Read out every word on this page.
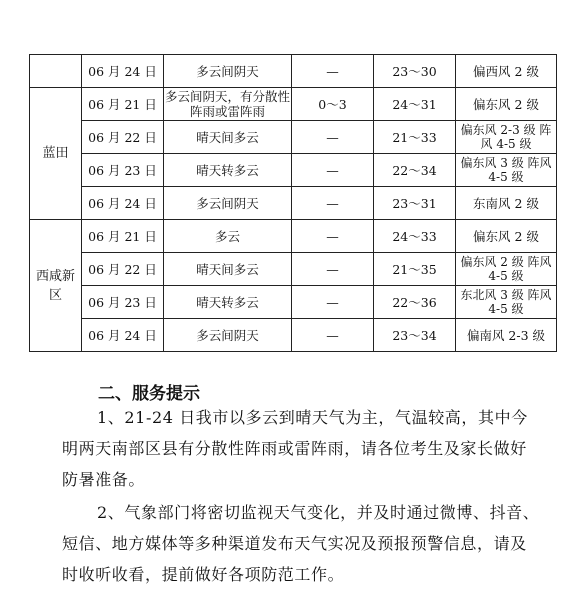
	06 月 24 日	多云间阴天	—	23～30	偏西风 2 级
蓝田	06 月 21 日	多云间阴天，有分散性阵雨或雷阵雨	0～3	24～31	偏东风 2 级
	06 月 22 日	晴天间多云	—	21～33	偏东风 2-3 级 阵风 4-5 级
	06 月 23 日	晴天转多云	—	22～34	偏东风 3 级 阵风 4-5 级
	06 月 24 日	多云间阴天	—	23～31	东南风 2 级
西咸新区	06 月 21 日	多云	—	24～33	偏东风 2 级
	06 月 22 日	晴天间多云	—	21～35	偏东风 2 级 阵风 4-5 级
	06 月 23 日	晴天转多云	—	22～36	东北风 3 级 阵风 4-5 级
	06 月 24 日	多云间阴天	—	23～34	偏南风 2-3 级
二、服务提示

1、21-24 日我市以多云到晴天气为主，气温较高，其中今明两天南部区县有分散性阵雨或雷阵雨，请各位考生及家长做好防暑准备。

2、气象部门将密切监视天气变化，并及时通过微博、抖音、短信、地方媒体等多种渠道发布天气实况及预报预警信息，请及时收听收看，提前做好各项防范工作。
